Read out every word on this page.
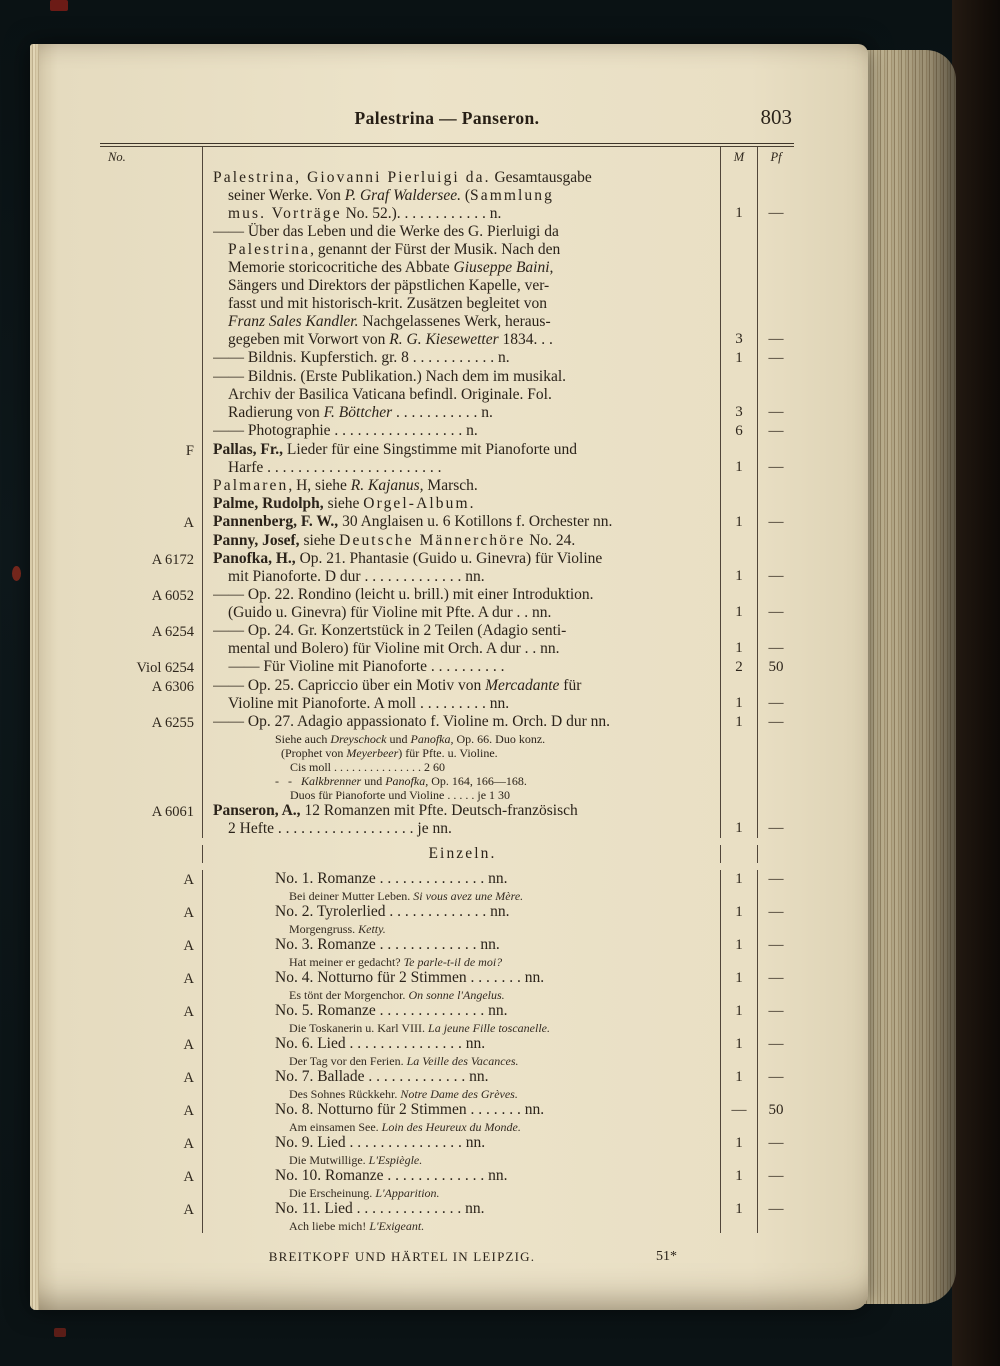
Palestrina — Panseron.	803
No.	M	Pf
Palestrina, Giovanni Pierluigi da. Gesamtausgabe
seiner Werke. Von P. Graf Waldersee. (Sammlung
mus. Vorträge No. 52.). . . . . . . . . . . . n.	1	—
—— Über das Leben und die Werke des G. Pierluigi da
Palestrina, genannt der Fürst der Musik. Nach den
Memorie storicocritiche des Abbate Giuseppe Baini,
Sängers und Direktors der päpstlichen Kapelle, ver-
fasst und mit historisch-krit. Zusätzen begleitet von
Franz Sales Kandler. Nachgelassenes Werk, heraus-
gegeben mit Vorwort von R. G. Kiesewetter 1834. . .	3	—
—— Bildnis. Kupferstich. gr. 8 . . . . . . . . . . . n.	1	—
—— Bildnis. (Erste Publikation.) Nach dem im musikal.
Archiv der Basilica Vaticana befindl. Originale. Fol.
Radierung von F. Böttcher . . . . . . . . . . . n.	3	—
—— Photographie . . . . . . . . . . . . . . . . . n.	6	—
F	Pallas, Fr., Lieder für eine Singstimme mit Pianoforte und
Harfe . . . . . . . . . . . . . . . . . . . . . . .	1	—
Palmaren, H, siehe R. Kajanus, Marsch.
Palme, Rudolph, siehe Orgel-Album.
A	Pannenberg, F. W., 30 Anglaisen u. 6 Kotillons f. Orchester nn.	1	—
Panny, Josef, siehe Deutsche Männerchöre No. 24.
A 6172	Panofka, H., Op. 21. Phantasie (Guido u. Ginevra) für Violine
mit Pianoforte. D dur . . . . . . . . . . . . . nn.	1	—
A 6052	—— Op. 22. Rondino (leicht u. brill.) mit einer Introduktion.
(Guido u. Ginevra) für Violine mit Pfte. A dur . . nn.	1	—
A 6254	—— Op. 24. Gr. Konzertstück in 2 Teilen (Adagio senti-
mental und Bolero) für Violine mit Orch. A dur . . nn.	1	—
Viol 6254	—— Für Violine mit Pianoforte . . . . . . . . . .	2	50
A 6306	—— Op. 25. Capriccio über ein Motiv von Mercadante für
Violine mit Pianoforte. A moll . . . . . . . . . nn.	1	—
A 6255	—— Op. 27. Adagio appassionato f. Violine m. Orch. D dur nn.	1	—
Siehe auch Dreyschock und Panofka, Op. 66. Duo konz.
(Prophet von Meyerbeer) für Pfte. u. Violine.
Cis moll . . . . . . . . . . . . . . . 2 60
-   -   Kalkbrenner und Panofka, Op. 164, 166—168.
Duos für Pianoforte und Violine . . . . . je 1 30
A 6061	Panseron, A., 12 Romanzen mit Pfte. Deutsch-französisch
2 Hefte . . . . . . . . . . . . . . . . . . je nn.	1	—
Einzeln.
A	No. 1. Romanze . . . . . . . . . . . . . . nn.	1	—
Bei deiner Mutter Leben. Si vous avez une Mère.
A	No. 2. Tyrolerlied . . . . . . . . . . . . . nn.	1	—
Morgengruss. Ketty.
A	No. 3. Romanze . . . . . . . . . . . . . nn.	1	—
Hat meiner er gedacht? Te parle-t-il de moi?
A	No. 4. Notturno für 2 Stimmen . . . . . . . nn.	1	—
Es tönt der Morgenchor. On sonne l'Angelus.
A	No. 5. Romanze . . . . . . . . . . . . . . nn.	1	—
Die Toskanerin u. Karl VIII. La jeune Fille toscanelle.
A	No. 6. Lied . . . . . . . . . . . . . . . nn.	1	—
Der Tag vor den Ferien. La Veille des Vacances.
A	No. 7. Ballade . . . . . . . . . . . . . nn.	1	—
Des Sohnes Rückkehr. Notre Dame des Grèves.
A	No. 8. Notturno für 2 Stimmen . . . . . . . nn.	—	50
Am einsamen See. Loin des Heureux du Monde.
A	No. 9. Lied . . . . . . . . . . . . . . . nn.	1	—
Die Mutwillige. L'Espiègle.
A	No. 10. Romanze . . . . . . . . . . . . . nn.	1	—
Die Erscheinung. L'Apparition.
A	No. 11. Lied . . . . . . . . . . . . . . nn.	1	—
Ach liebe mich! L'Exigeant.
BREITKOPF UND HÄRTEL IN LEIPZIG.	51*
